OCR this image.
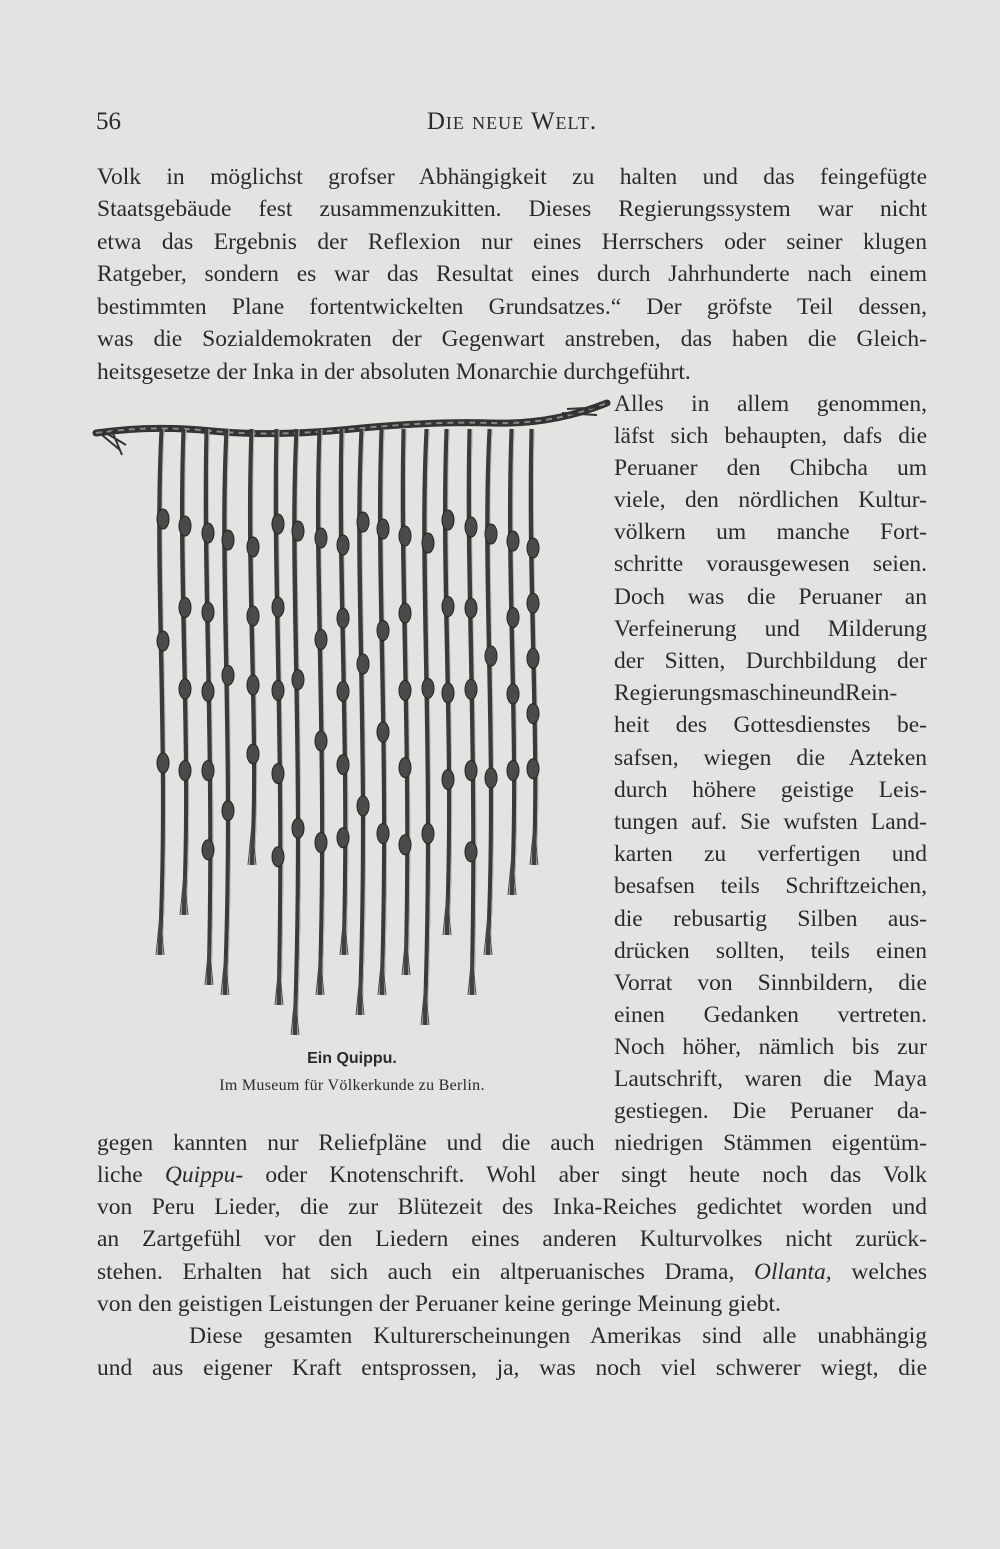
56	Die neue Welt.
Volk in möglichst grofser Abhängigkeit zu halten und das feingefügte
Staatsgebäude fest zusammenzukitten. Dieses Regierungssystem war nicht
etwa das Ergebnis der Reflexion nur eines Herrschers oder seiner klugen
Ratgeber, sondern es war das Resultat eines durch Jahrhunderte nach einem
bestimmten Plane fortentwickelten Grundsatzes.“ Der gröfste Teil dessen,
was die Sozialdemokraten der Gegenwart anstreben, das haben die Gleich-
heitsgesetze der Inka in der absoluten Monarchie durchgeführt.
Alles in allem genommen,
läfst sich behaupten, dafs die
Peruaner den Chibcha um
viele, den nördlichen Kultur-
völkern um manche Fort-
schritte vorausgewesen seien.
Doch was die Peruaner an
Verfeinerung und Milderung
der Sitten, Durchbildung der
RegierungsmaschineundRein-
heit des Gottesdienstes be-
safsen, wiegen die Azteken
durch höhere geistige Leis-
tungen auf. Sie wufsten Land-
karten zu verfertigen und
besafsen teils Schriftzeichen,
die rebusartig Silben aus-
drücken sollten, teils einen
Vorrat von Sinnbildern, die
einen Gedanken vertreten.
Noch höher, nämlich bis zur
Lautschrift, waren die Maya
gestiegen. Die Peruaner da-
gegen kannten nur Reliefpläne und die auch niedrigen Stämmen eigentüm-
liche Quippu- oder Knotenschrift. Wohl aber singt heute noch das Volk
von Peru Lieder, die zur Blütezeit des Inka-Reiches gedichtet worden und
an Zartgefühl vor den Liedern eines anderen Kulturvolkes nicht zurück-
stehen. Erhalten hat sich auch ein altperuanisches Drama, Ollanta, welches
von den geistigen Leistungen der Peruaner keine geringe Meinung giebt.
Diese gesamten Kulturerscheinungen Amerikas sind alle unabhängig
und aus eigener Kraft entsprossen, ja, was noch viel schwerer wiegt, die
Ein Quippu.
Im Museum für Völkerkunde zu Berlin.
